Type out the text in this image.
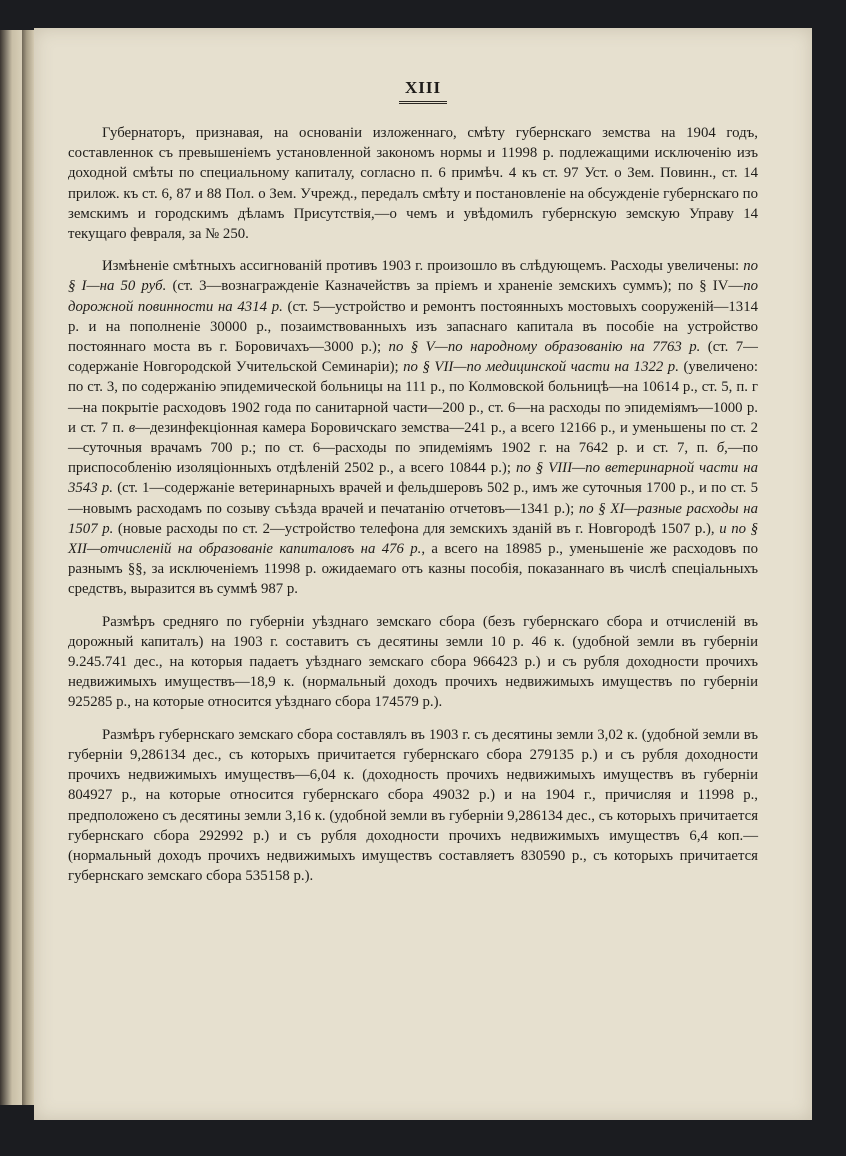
XIII

Губернаторъ, признавая, на основаніи изложеннаго, смѣту губернскаго земства на 1904 годъ, составленнок съ превышеніемъ установленной закономъ нормы и 11998 р. подлежащими исключенію изъ доходной смѣты по специальному капиталу, согласно п. 6 примѣч. 4 къ ст. 97 Уст. о Зем. Повинн., ст. 14 прилож. къ ст. 6, 87 и 88 Пол. о Зем. Учрежд., передалъ смѣту и постановленіе на обсужденіе губернскаго по земскимъ и городскимъ дѣламъ Присутствія,—о чемъ и увѣдомилъ губернскую земскую Управу 14 текущаго февраля, за № 250.

Измѣненіе смѣтныхъ ассигнованій противъ 1903 г. произошло въ слѣдующемъ. Расходы увеличены: по § I—на 50 руб. (ст. 3—вознагражденіе Казначействъ за пріемъ и храненіе земскихъ суммъ); по § IV—по дорожной повинности на 4314 р. (ст. 5—устройство и ремонтъ постоянныхъ мостовыхъ сооруженій—1314 р. и на пополненіе 30000 р., позаимствованныхъ изъ запаснаго капитала въ пособіе на устройство постояннаго моста въ г. Боровичахъ—3000 р.); по § V—по народному образованію на 7763 р. (ст. 7—содержаніе Новгородской Учительской Семинаріи); по § VII—по медицинской части на 1322 р. (увеличено: по ст. 3, по содержанію эпидемической больницы на 111 р., по Колмовской больницѣ—на 10614 р., ст. 5, п. г—на покрытіе расходовъ 1902 года по санитарной части—200 р., ст. 6—на расходы по эпидеміямъ—1000 р. и ст. 7 п. в—дезинфекціонная камера Боровичскаго земства—241 р., а всего 12166 р., и уменьшены по ст. 2—суточныя врачамъ 700 р.; по ст. 6—расходы по эпидеміямъ 1902 г. на 7642 р. и ст. 7, п. б,—по приспособленію изоляціонныхъ отдѣленій 2502 р., а всего 10844 р.); по § VIII—по ветеринарной части на 3543 р. (ст. 1—содержаніе ветеринарныхъ врачей и фельдшеровъ 502 р., имъ же суточныя 1700 р., и по ст. 5—новымъ расходамъ по созыву съѣзда врачей и печатанію отчетовъ—1341 р.); по § XI—разные расходы на 1507 р. (новые расходы по ст. 2—устройство телефона для земскихъ зданій въ г. Новгородѣ 1507 р.), и по § XII—отчисленій на образованіе капиталовъ на 476 р., а всего на 18985 р., уменьшеніе же расходовъ по разнымъ §§, за исключеніемъ 11998 р. ожидаемаго отъ казны пособія, показаннаго въ числѣ спеціальныхъ средствъ, выразится въ суммѣ 987 р.

Размѣръ средняго по губерніи уѣзднаго земскаго сбора (безъ губернскаго сбора и отчисленій въ дорожный капиталъ) на 1903 г. составитъ съ десятины земли 10 р. 46 к. (удобной земли въ губерніи 9.245.741 дес., на которыя падаетъ уѣзднаго земскаго сбора 966423 р.) и съ рубля доходности прочихъ недвижимыхъ имуществъ—18,9 к. (нормальный доходъ прочихъ недвижимыхъ имуществъ по губерніи 925285 р., на которые относится уѣзднаго сбора 174579 р.).

Размѣръ губернскаго земскаго сбора составлялъ въ 1903 г. съ десятины земли 3,02 к. (удобной земли въ губерніи 9,286134 дес., съ которыхъ причитается губернскаго сбора 279135 р.) и съ рубля доходности прочихъ недвижимыхъ имуществъ—6,04 к. (доходность прочихъ недвижимыхъ имуществъ въ губерніи 804927 р., на которые относится губернскаго сбора 49032 р.) и на 1904 г., причисляя и 11998 р., предположено съ десятины земли 3,16 к. (удобной земли въ губерніи 9,286134 дес., съ которыхъ причитается губернскаго сбора 292992 р.) и съ рубля доходности прочихъ недвижимыхъ имуществъ 6,4 коп.—(нормальный доходъ прочихъ недвижимыхъ имуществъ составляетъ 830590 р., съ которыхъ причитается губернскаго земскаго сбора 535158 р.).
